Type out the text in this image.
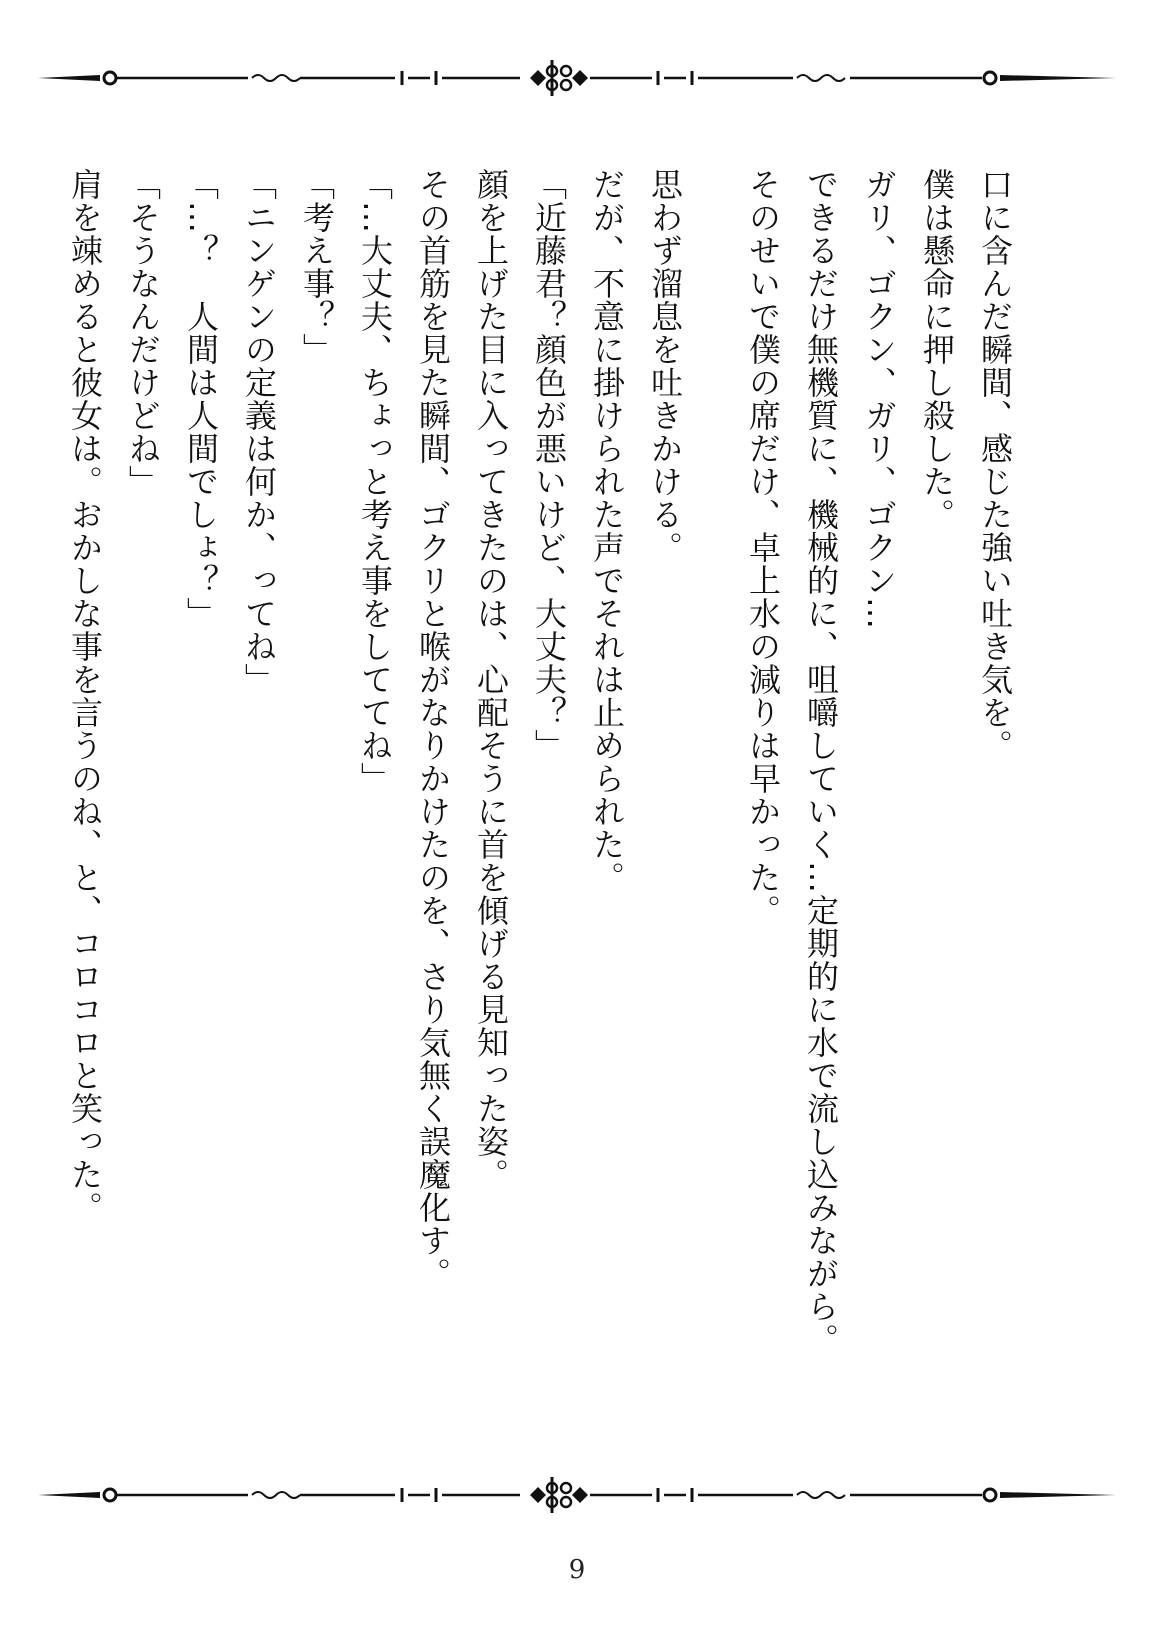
口に含んだ瞬間、感じた強い吐き気を。
僕は懸命に押し殺した。
ガリ、ゴクン、ガリ、ゴクン…
できるだけ無機質に、機械的に、咀嚼していく…定期的に水で流し込みながら。
そのせいで僕の席だけ、卓上水の減りは早かった。
思わず溜息を吐きかける。
だが、不意に掛けられた声でそれは止められた。
「近藤君？顔色が悪いけど、大丈夫？」
顔を上げた目に入ってきたのは、心配そうに首を傾げる見知った姿。
その首筋を見た瞬間、ゴクリと喉がなりかけたのを、さり気無く誤魔化す。
「…大丈夫、ちょっと考え事をしててね」
「考え事？」
「ニンゲンの定義は何か、ってね」
「…？　人間は人間でしょ？」
「そうなんだけどね」
肩を竦めると彼女は。おかしな事を言うのね、と、コロコロと笑った。
9
